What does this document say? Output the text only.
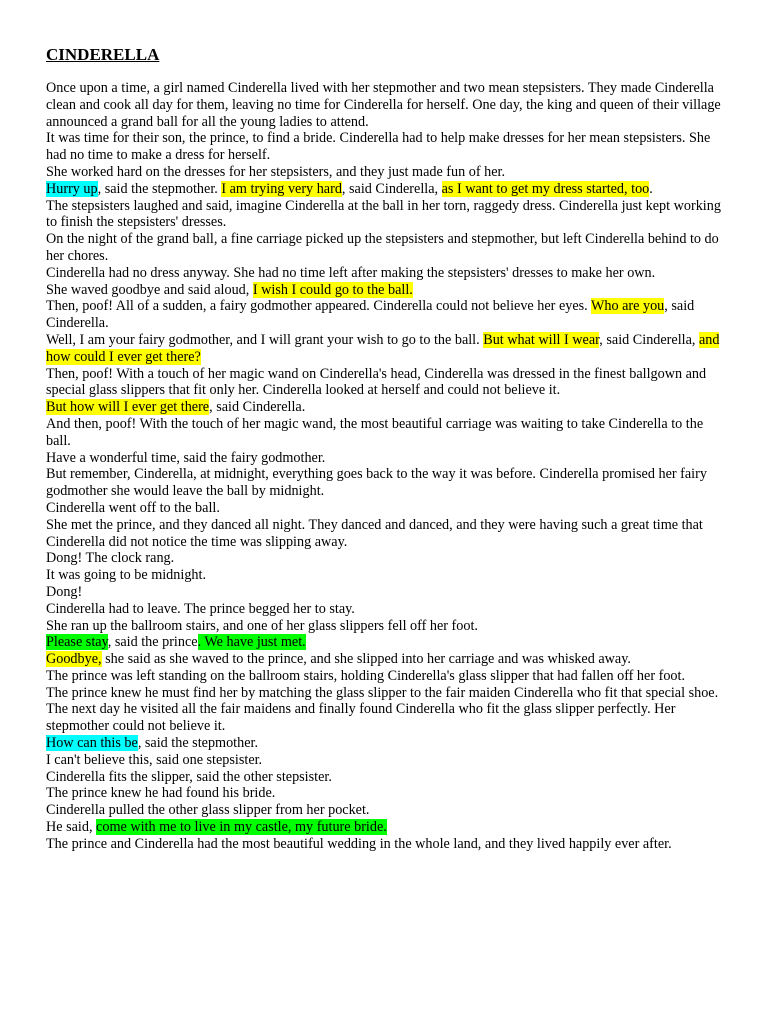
CINDERELLA

Once upon a time, a girl named Cinderella lived with her stepmother and two mean stepsisters. They made Cinderella clean and cook all day for them, leaving no time for Cinderella for herself. One day, the king and queen of their village announced a grand ball for all the young ladies to attend.

It was time for their son, the prince, to find a bride. Cinderella had to help make dresses for her mean stepsisters. She had no time to make a dress for herself.

She worked hard on the dresses for her stepsisters, and they just made fun of her.

Hurry up, said the stepmother. I am trying very hard, said Cinderella, as I want to get my dress started, too.

The stepsisters laughed and said, imagine Cinderella at the ball in her torn, raggedy dress. Cinderella just kept working to finish the stepsisters' dresses.

On the night of the grand ball, a fine carriage picked up the stepsisters and stepmother, but left Cinderella behind to do her chores.

Cinderella had no dress anyway. She had no time left after making the stepsisters' dresses to make her own.

She waved goodbye and said aloud, I wish I could go to the ball.

Then, poof! All of a sudden, a fairy godmother appeared. Cinderella could not believe her eyes. Who are you, said Cinderella.

Well, I am your fairy godmother, and I will grant your wish to go to the ball. But what will I wear, said Cinderella, and how could I ever get there?

Then, poof! With a touch of her magic wand on Cinderella's head, Cinderella was dressed in the finest ballgown and special glass slippers that fit only her. Cinderella looked at herself and could not believe it.

But how will I ever get there, said Cinderella.

And then, poof! With the touch of her magic wand, the most beautiful carriage was waiting to take Cinderella to the ball.

Have a wonderful time, said the fairy godmother.

But remember, Cinderella, at midnight, everything goes back to the way it was before. Cinderella promised her fairy godmother she would leave the ball by midnight.

Cinderella went off to the ball.

She met the prince, and they danced all night. They danced and danced, and they were having such a great time that Cinderella did not notice the time was slipping away.

Dong! The clock rang.

It was going to be midnight.

Dong!

Cinderella had to leave. The prince begged her to stay.

She ran up the ballroom stairs, and one of her glass slippers fell off her foot.

Please stay, said the prince. We have just met.

Goodbye, she said as she waved to the prince, and she slipped into her carriage and was whisked away.

The prince was left standing on the ballroom stairs, holding Cinderella's glass slipper that had fallen off her foot.

The prince knew he must find her by matching the glass slipper to the fair maiden Cinderella who fit that special shoe.

The next day he visited all the fair maidens and finally found Cinderella who fit the glass slipper perfectly. Her stepmother could not believe it.

How can this be, said the stepmother.

I can't believe this, said one stepsister.

Cinderella fits the slipper, said the other stepsister.

The prince knew he had found his bride.

Cinderella pulled the other glass slipper from her pocket.

He said, come with me to live in my castle, my future bride.

The prince and Cinderella had the most beautiful wedding in the whole land, and they lived happily ever after.
